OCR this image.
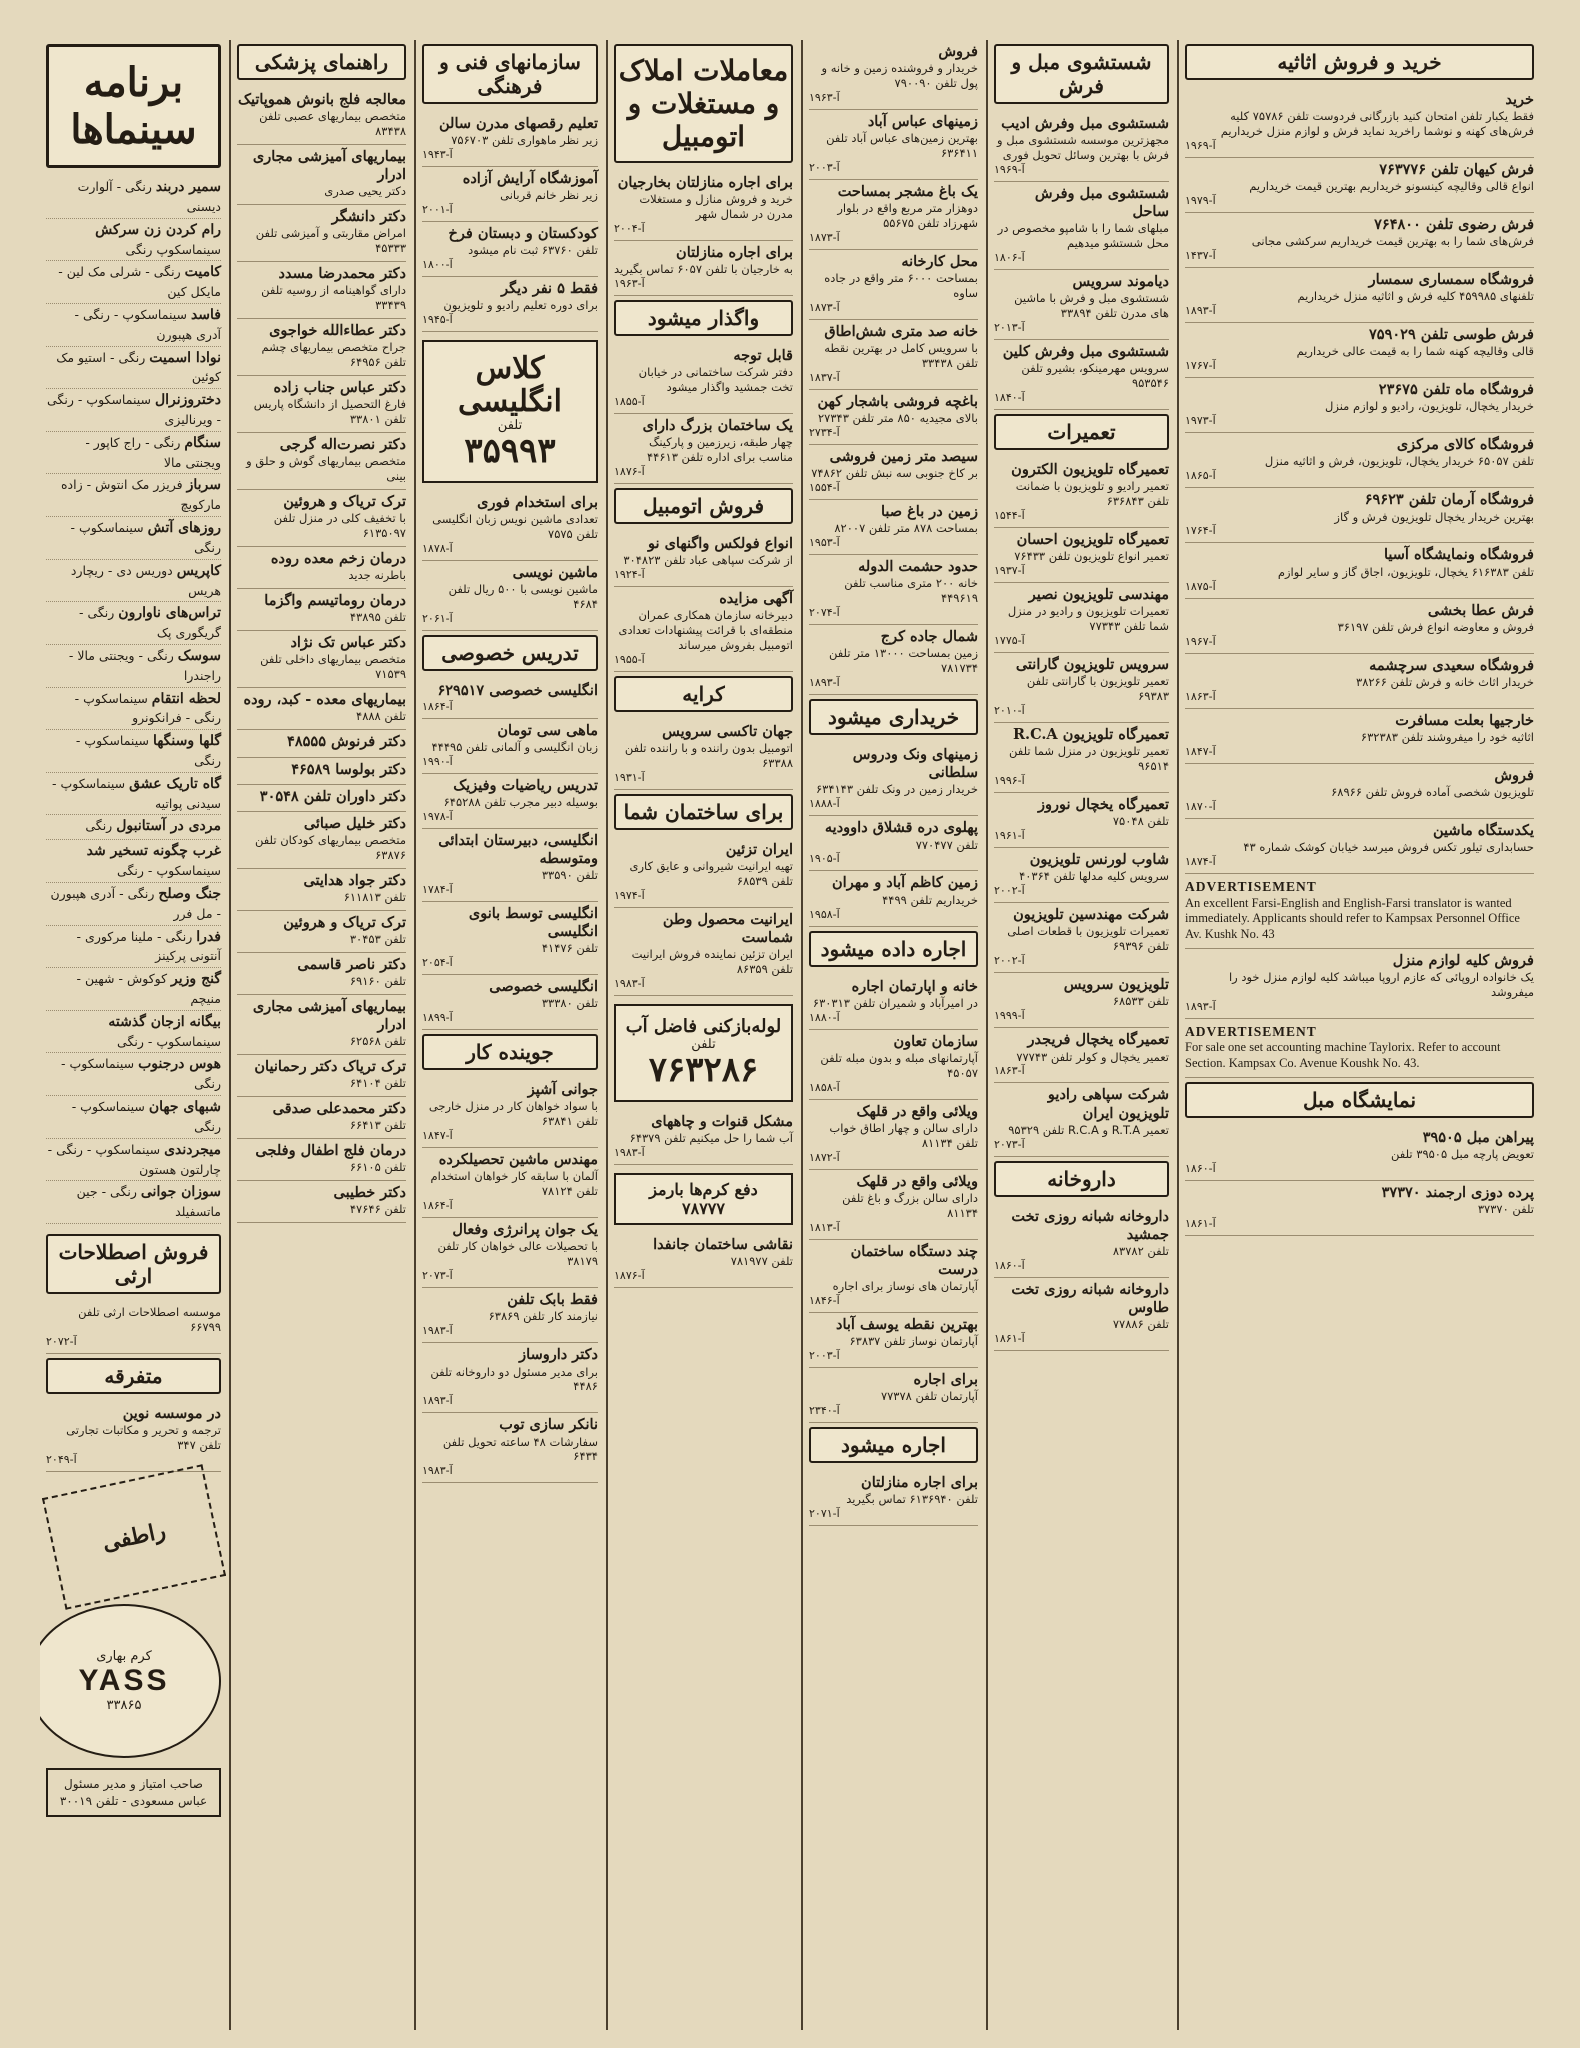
برنامه سینماها
سمیر دربند رنگی - آلوارت دیسنی
رام کردن زن سرکش سینماسکوپ رنگی
کامیت رنگی - شرلی مک لین - مایکل کین
فاسد سینماسکوپ - رنگی - آدری هپبورن
نوادا اسمیت رنگی - استیو مک کوئین
دختروزنرال سینماسکوپ - رنگی - ویرنالیزی
سنگام رنگی - راج کاپور - ویجنتی مالا
سرباز فریزر مک انتوش - زاده مارکویچ
روزهای آتش سینماسکوپ - رنگی
کاپریس دوریس دی - ریچارد هریس
تراس‌های ناوارون رنگی - گریگوری پک
سوسک رنگی - ویجنتی مالا - راجندرا
لحظه انتقام سینماسکوپ - رنگی - فرانکونرو
گلها وسنگها سینماسکوپ - رنگی
گاه تاریک عشق سینماسکوپ - سیدنی پواتیه
مردی در آستانبول رنگی
غرب چگونه تسخیر شد سینماسکوپ - رنگی
جنگ وصلح رنگی - آدری هپبورن - مل فرر
فدرا رنگی - ملینا مرکوری - آنتونی پرکینز
گنج وزیر کوکوش - شهین - منیچم
بیگانه ازجان گذشته سینماسکوپ - رنگی
هوس درجنوب سینماسکوپ - رنگی
شبهای جهان سینماسکوپ - رنگی
میجردندی سینماسکوپ - رنگی - چارلتون هستون
سوزان جوانی رنگی - جین ماتسفیلد
فروش اصطلاحات ارثی
موسسه اصطلاحات ارثی تلفن ۶۶۷۹۹
آ-۲۰۷۲
متفرقه
در موسسه نوین
ترجمه و تحریر و مکاتبات تجارتی تلفن ۳۴۷
آ-۲۰۴۹
راطفی
کرم بهاری
YASS
۳۳۸۶۵
صاحب امتیاز و مدیر مسئول عباس مسعودی - تلفن ۳۰۰۱۹
راهنمای پزشکی
معالجه فلج بانوش هموپاتیک
متخصص بیماریهای عصبی تلفن ۸۳۴۳۸
بیماریهای آمیزشی مجاری ادرار
دکتر یحیی صدری
دکتر دانشگر
امراض مقاربتی و آمیزشی تلفن ۴۵۳۳۳
دکتر محمدرضا مسدد
دارای گواهینامه از روسیه تلفن ۳۳۴۳۹
دکتر عطاءالله خواجوی
جراح متخصص بیماریهای چشم تلفن ۶۴۹۵۶
دکتر عباس جناب زاده
فارغ التحصیل از دانشگاه پاریس تلفن ۳۳۸۰۱
دکتر نصرت‌اله گرجی
متخصص بیماریهای گوش و حلق و بینی
ترک تریاک و هروئین
با تخفیف کلی در منزل تلفن ۶۱۳۵۰۹۷
درمان زخم معده روده
باطرنه جدید
درمان روماتیسم واگزما
تلفن ۴۳۸۹۵
دکتر عباس تک نژاد
متخصص بیماریهای داخلی تلفن ۷۱۵۳۹
بیماریهای معده - کبد، روده
تلفن ۴۸۸۸
دکتر فرنوش ۴۸۵۵۵
دکتر بولوسا ۴۶۵۸۹
دکتر داوران تلفن ۳۰۵۴۸
دکتر خلیل صبائی
متخصص بیماریهای کودکان تلفن ۶۳۸۷۶
دکتر جواد هدایتی
تلفن ۶۱۱۸۱۳
ترک تریاک و هروئین
تلفن ۳۰۴۵۳
دکتر ناصر قاسمی
تلفن ۶۹۱۶۰
بیماریهای آمیزشی مجاری ادرار
تلفن ۶۲۵۶۸
ترک تریاک دکتر رحمانیان
تلفن ۶۴۱۰۴
دکتر محمدعلی صدقی
تلفن ۶۶۴۱۳
درمان فلج اطفال وفلجی
تلفن ۶۶۱۰۵
دکتر خطیبی
تلفن ۴۷۶۴۶
سازمانهای فنی و فرهنگی
تعلیم رقصهای مدرن سالن
زیر نظر ماهواری تلفن ۷۵۶۷۰۳
آ-۱۹۴۳
آموزشگاه آرایش آزاده
زیر نظر خانم قربانی
آ-۲۰۰۱
کودکستان و دبستان فرخ
تلفن ۶۳۷۶۰ ثبت نام میشود
آ-۱۸۰۰
فقط ۵ نفر دیگر
برای دوره تعلیم رادیو و تلویزیون
آ-۱۹۴۵
کلاس انگلیسی
تلفن
۳۵۹۹۳
برای استخدام فوری
تعدادی ماشین نویس زبان انگلیسی تلفن ۷۵۷۵
آ-۱۸۷۸
ماشین نویسی
ماشین نویسی با ۵۰۰ ریال تلفن ۴۶۸۴
آ-۲۰۶۱
تدریس خصوصی
انگلیسی خصوصی ۶۲۹۵۱۷
آ-۱۸۶۴
ماهی سی تومان
زبان انگلیسی و آلمانی تلفن ۴۴۴۹۵
آ-۱۹۹۰
تدریس ریاضیات وفیزیک
بوسیله دبیر مجرب تلفن ۶۴۵۲۸۸
آ-۱۹۷۸
انگلیسی، دبیرستان ابتدائی ومتوسطه
تلفن ۳۳۵۹۰
آ-۱۷۸۴
انگلیسی توسط بانوی انگلیسی
تلفن ۴۱۴۷۶
آ-۲۰۵۴
انگلیسی خصوصی
تلفن ۳۳۳۸۰
آ-۱۸۹۹
جوینده کار
جوانی آشپز
با سواد خواهان کار در منزل خارجی تلفن ۶۳۸۴۱
آ-۱۸۴۷
مهندس ماشین تحصیلکرده
آلمان با سابقه کار خواهان استخدام تلفن ۷۸۱۲۴
آ-۱۸۶۴
یک جوان پرانرژی وفعال
با تحصیلات عالی خواهان کار تلفن ۳۸۱۷۹
آ-۲۰۷۳
فقط بابک تلفن
نیازمند کار تلفن ۶۳۸۶۹
آ-۱۹۸۳
دکتر داروساز
برای مدیر مسئول دو داروخانه تلفن ۴۴۸۶
آ-۱۸۹۳
نانکر سازی توب
سفارشات ۴۸ ساعته تحویل تلفن ۶۴۳۴
آ-۱۹۸۳
فروش
خریدار و فروشنده زمین و خانه و پول تلفن ۷۹۰۰۹۰
آ-۱۹۶۳
زمینهای عباس آباد
بهترین زمین‌های عباس آباد تلفن ۶۳۶۴۱۱
آ-۲۰۰۳
یک باغ مشجر بمساحت
دوهزار متر مربع واقع در بلوار شهرزاد تلفن ۵۵۶۷۵
آ-۱۸۷۳
محل کارخانه
بمساحت ۶۰۰۰ متر واقع در جاده ساوه
آ-۱۸۷۳
خانه صد متری شش‌اطاق
با سرویس کامل در بهترین نقطه تلفن ۳۳۴۳۸
آ-۱۸۳۷
باغچه فروشی باشجار کهن
بالای مجیدیه ۸۵۰ متر تلفن ۲۷۳۴۳
آ-۲۷۳۴
سیصد متر زمین فروشی
بر کاخ جنوبی سه نبش تلفن ۷۴۸۶۲
آ-۱۵۵۴
زمین در باغ صبا
بمساحت ۸۷۸ متر تلفن ۸۲۰۰۷
آ-۱۹۵۳
حدود حشمت الدوله
خانه ۲۰۰ متری مناسب تلفن ۴۴۹۶۱۹
آ-۲۰۷۴
شمال جاده کرج
زمین بمساحت ۱۳۰۰۰ متر تلفن ۷۸۱۷۳۴
آ-۱۸۹۳
خریداری میشود
زمینهای ونک ودروس سلطانی
خریدار زمین در ونک تلفن ۶۳۴۱۴۳
آ-۱۸۸۸
پهلوی دره قشلاق داوودیه
تلفن ۷۷۰۴۷۷
آ-۱۹۰۵
زمین کاظم آباد و مهران
خریداریم تلفن ۴۴۹۹
آ-۱۹۵۸
اجاره داده میشود
خانه و اپارتمان اجاره
در امیرآباد و شمیران تلفن ۶۳۰۳۱۳
آ-۱۸۸۰
سازمان تعاون
آپارتمانهای مبله و بدون مبله تلفن ۴۵۰۵۷
آ-۱۸۵۸
ویلائی واقع در قلهک
دارای سالن و چهار اطاق خواب تلفن ۸۱۱۳۴
آ-۱۸۷۲
ویلائی واقع در قلهک
دارای سالن بزرگ و باغ تلفن ۸۱۱۳۴
آ-۱۸۱۳
چند دستگاه ساختمان درست
آپارتمان های نوساز برای اجاره
آ-۱۸۴۶
بهترین نقطه یوسف آباد
آپارتمان نوساز تلفن ۶۳۸۳۷
آ-۲۰۰۳
برای اجاره
آپارتمان تلفن ۷۷۳۷۸
آ-۲۳۴۰
اجاره میشود
برای اجاره منازلتان
تلفن ۶۱۳۶۹۴۰ تماس بگیرید
آ-۲۰۷۱
معاملات املاک و مستغلات و اتومبیل
برای اجاره منازلتان بخارجیان
خرید و فروش منازل و مستغلات مدرن در شمال شهر
آ-۲۰۰۴
برای اجاره منازلتان
به خارجیان با تلفن ۶۰۵۷ تماس بگیرید
آ-۱۹۶۳
واگذار میشود
قابل توجه
دفتر شرکت ساختمانی در خیابان تخت جمشید واگذار میشود
آ-۱۸۵۵
یک ساختمان بزرگ دارای
چهار طبقه، زیرزمین و پارکینگ مناسب برای اداره تلفن ۴۴۶۱۳
آ-۱۸۷۶
فروش اتومبیل
انواع فولکس واگنهای نو
از شرکت سپاهی عباد تلفن ۳۰۴۸۲۳
آ-۱۹۲۴
آگهی مزایده
دبیرخانه سازمان همکاری عمران منطقه‌ای با قرائت پیشنهادات تعدادی اتومبیل بفروش میرساند
آ-۱۹۵۵
کرایه
جهان تاکسی سرویس
اتومبیل بدون راننده و با راننده تلفن ۶۳۳۸۸
آ-۱۹۳۱
برای ساختمان شما
ایران تزئین
تهیه ایرانیت شیروانی و عایق کاری تلفن ۶۸۵۳۹
آ-۱۹۷۴
ایرانیت محصول وطن شماست
ایران تزئین نماینده فروش ایرانیت تلفن ۸۶۳۵۹
آ-۱۹۸۳
لوله‌بازکنی فاضل آب
تلفن
۷۶۳۲۸۶
مشکل قنوات و چاههای
آب شما را حل میکنیم تلفن ۶۴۳۷۹
آ-۱۹۸۳
دفع کرم‌ها بارمز
۷۸۷۷۷
نقاشی ساختمان جانفدا
تلفن ۷۸۱۹۷۷
آ-۱۸۷۶
شستشوی مبل و فرش
شستشوی مبل وفرش ادیب
مجهزترین موسسه شستشوی مبل و فرش با بهترین وسائل تحویل فوری
آ-۱۹۶۹
شستشوی مبل وفرش ساحل
مبلهای شما را با شامپو مخصوص در محل شستشو میدهیم
آ-۱۸۰۶
دیاموند سرویس
شستشوی مبل و فرش با ماشین های مدرن تلفن ۳۳۸۹۴
آ-۲۰۱۳
شستشوی مبل وفرش کلین
سرویس مهرمینکو، بشیرو تلفن ۹۵۳۵۴۶
آ-۱۸۴۰
تعمیرات
تعمیرگاه تلویزیون الکترون
تعمیر رادیو و تلویزیون با ضمانت تلفن ۶۳۶۸۴۳
آ-۱۵۴۴
تعمیرگاه تلویزیون احسان
تعمیر انواع تلویزیون تلفن ۷۶۴۳۳
آ-۱۹۳۷
مهندسی تلویزیون نصیر
تعمیرات تلویزیون و رادیو در منزل شما تلفن ۷۷۳۴۳
آ-۱۷۷۵
سرویس تلویزیون گارانتی
تعمیر تلویزیون با گارانتی تلفن ۶۹۳۸۳
آ-۲۰۱۰
تعمیرگاه تلویزیون R.C.A
تعمیر تلویزیون در منزل شما تلفن ۹۶۵۱۴
آ-۱۹۹۶
تعمیرگاه یخچال نوروز
تلفن ۷۵۰۴۸
آ-۱۹۶۱
شاوب لورنس تلویزیون
سرویس کلیه مدلها تلفن ۴۰۳۶۴
آ-۲۰۰۲
شرکت مهندسین تلویزیون
تعمیرات تلویزیون با قطعات اصلی تلفن ۶۹۳۹۶
آ-۲۰۰۲
تلویزیون سرویس
تلفن ۶۸۵۳۳
آ-۱۹۹۹
تعمیرگاه یخچال فریجدر
تعمیر یخچال و کولر تلفن ۷۷۷۴۳
آ-۱۸۶۳
شرکت سپاهی رادیو تلویزیون ایران
تعمیر R.T.A و R.C.A تلفن ۹۵۳۲۹
آ-۲۰۷۳
داروخانه
داروخانه شبانه روزی تخت جمشید
تلفن ۸۳۷۸۲
آ-۱۸۶۰
داروخانه شبانه روزی تخت طاوس
تلفن ۷۷۸۸۶
آ-۱۸۶۱
خرید و فروش اثاثیه
خرید
فقط یکبار تلفن امتحان کنید بازرگانی فردوست تلفن ۷۵۷۸۶ کلیه فرش‌های کهنه و نوشما راخرید نماید فرش و لوازم منزل خریداریم
آ-۱۹۶۹
فرش کیهان تلفن ۷۶۳۷۷۶
انواع قالی وقالیچه کینسونو خریداریم بهترین قیمت خریداریم
آ-۱۹۷۹
فرش رضوی تلفن ۷۶۴۸۰۰
فرش‌های شما را به بهترین قیمت خریداریم سرکشی مجانی
آ-۱۴۳۷
فروشگاه سمساری سمسار
تلفنهای ۴۵۹۹۸۵ کلیه فرش و اثاثیه منزل خریداریم
آ-۱۸۹۳
فرش طوسی تلفن ۷۵۹۰۲۹
قالی وقالیچه کهنه شما را به قیمت عالی خریداریم
آ-۱۷۶۷
فروشگاه ماه تلفن ۲۳۶۷۵
خریدار یخچال، تلویزیون، رادیو و لوازم منزل
آ-۱۹۷۳
فروشگاه کالای مرکزی
تلفن ۶۵۰۵۷ خریدار یخچال، تلویزیون، فرش و اثاثیه منزل
آ-۱۸۶۵
فروشگاه آرمان تلفن ۶۹۶۲۳
بهترین خریدار یخچال تلویزیون فرش و گاز
آ-۱۷۶۴
فروشگاه ونمایشگاه آسیا
تلفن ۶۱۶۳۸۳ یخچال، تلویزیون، اجاق گاز و سایر لوازم
آ-۱۸۷۵
فرش عطا بخشی
فروش و معاوضه انواع فرش تلفن ۳۶۱۹۷
آ-۱۹۶۷
فروشگاه سعیدی سرچشمه
خریدار اثاث خانه و فرش تلفن ۳۸۲۶۶
آ-۱۸۶۳
خارجیها بعلت مسافرت
اثاثیه خود را میفروشند تلفن ۶۳۲۳۸۳
آ-۱۸۴۷
فروش
تلویزیون شخصی آماده فروش تلفن ۶۸۹۶۶
آ-۱۸۷۰
یکدستگاه ماشین
حسابداری تیلور تکس فروش میرسد خیابان کوشک شماره ۴۳
آ-۱۸۷۴
ADVERTISEMENT
An excellent Farsi-English and English-Farsi translator is wanted immediately. Applicants should refer to Kampsax Personnel Office Av. Kushk No. 43
فروش کلیه لوازم منزل
یک خانواده اروپائی که عازم اروپا میباشد کلیه لوازم منزل خود را میفروشد
آ-۱۸۹۳
ADVERTISEMENT
For sale one set accounting machine Taylorix. Refer to account Section. Kampsax Co. Avenue Koushk No. 43.
نمایشگاه مبل
پیراهن مبل ۳۹۵۰۵
تعویض پارچه مبل ۳۹۵۰۵ تلفن
آ-۱۸۶۰
پرده دوزی ارجمند ۳۷۳۷۰
تلفن ۳۷۳۷۰
آ-۱۸۶۱
